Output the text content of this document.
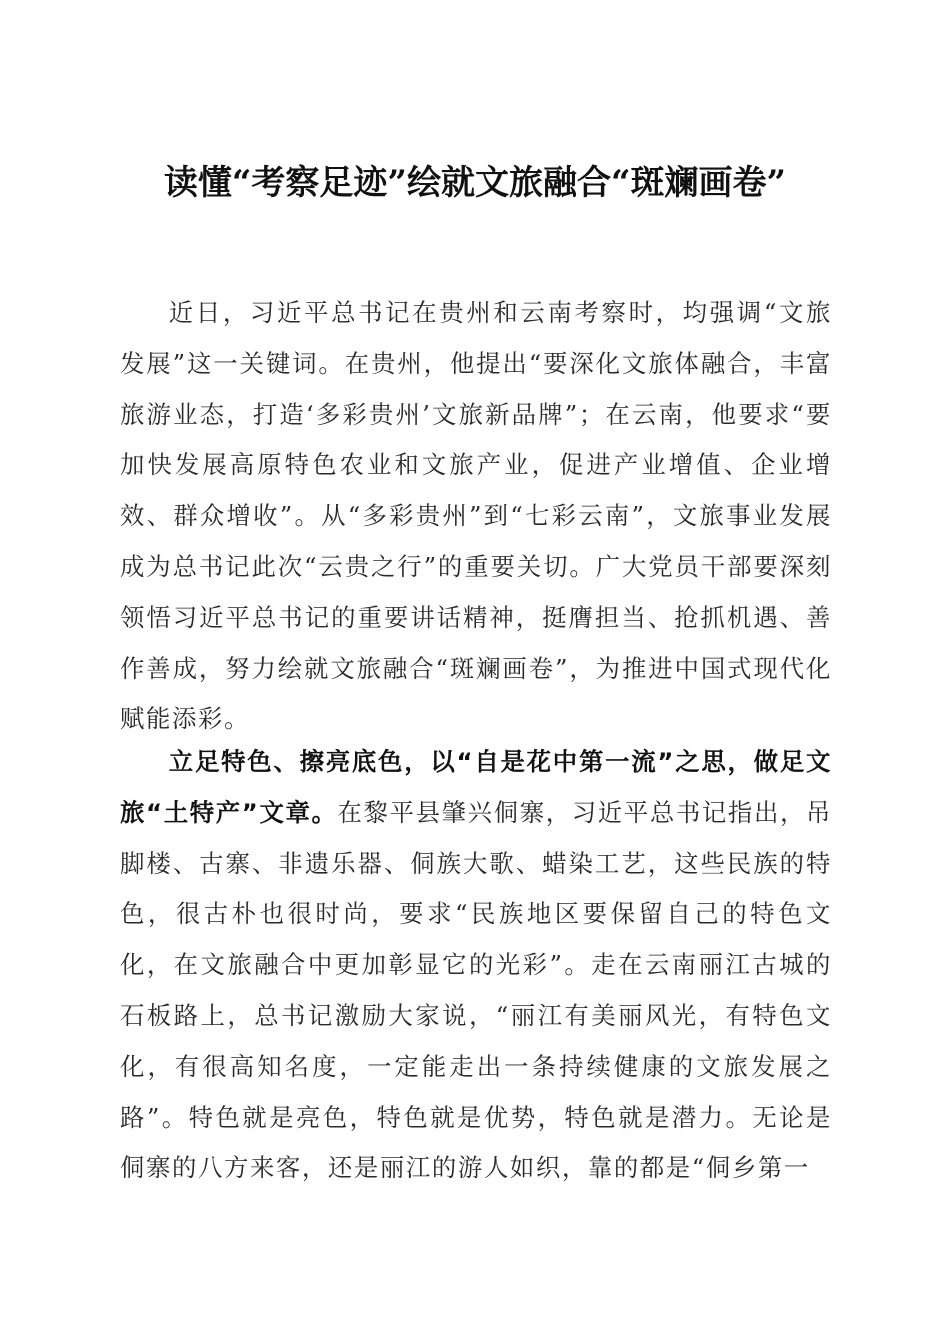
读懂“考察足迹”绘就文旅融合“斑斓画卷”

近日，习近平总书记在贵州和云南考察时，均强调“文旅发展”这一关键词。在贵州，他提出“要深化文旅体融合，丰富旅游业态，打造‘多彩贵州’文旅新品牌”；在云南，他要求“要加快发展高原特色农业和文旅产业，促进产业增值、企业增效、群众增收”。从“多彩贵州”到“七彩云南”，文旅事业发展成为总书记此次“云贵之行”的重要关切。广大党员干部要深刻领悟习近平总书记的重要讲话精神，挺膺担当、抢抓机遇、善作善成，努力绘就文旅融合“斑斓画卷”，为推进中国式现代化赋能添彩。

立足特色、擦亮底色，以“自是花中第一流”之思，做足文旅“土特产”文章。在黎平县肇兴侗寨，习近平总书记指出，吊脚楼、古寨、非遗乐器、侗族大歌、蜡染工艺，这些民族的特色，很古朴也很时尚，要求“民族地区要保留自己的特色文化，在文旅融合中更加彰显它的光彩”。走在云南丽江古城的石板路上，总书记激励大家说，“丽江有美丽风光，有特色文化，有很高知名度，一定能走出一条持续健康的文旅发展之路”。特色就是亮色，特色就是优势，特色就是潜力。无论是侗寨的八方来客，还是丽江的游人如织，靠的都是“侗乡第一
